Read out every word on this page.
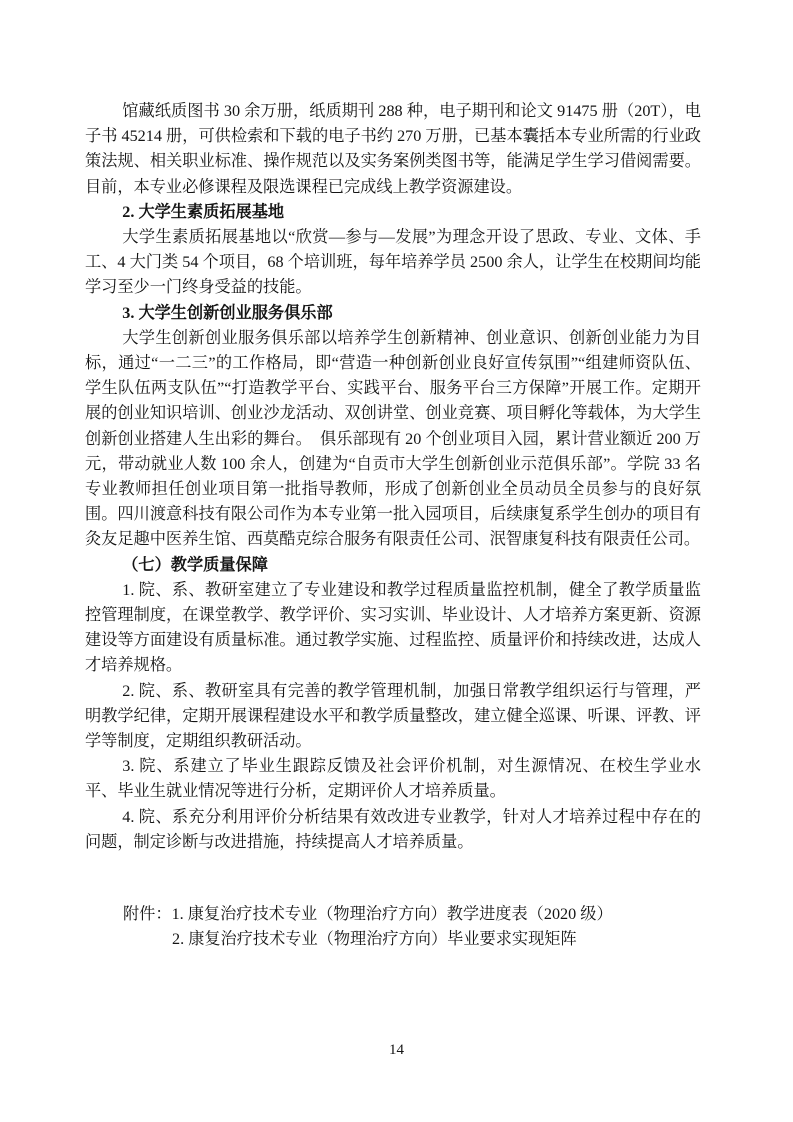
馆藏纸质图书 30 余万册，纸质期刊 288 种，电子期刊和论文 91475 册（20T），电子书 45214 册，可供检索和下载的电子书约 270 万册，已基本囊括本专业所需的行业政策法规、相关职业标准、操作规范以及实务案例类图书等，能满足学生学习借阅需要。目前，本专业必修课程及限选课程已完成线上教学资源建设。

2. 大学生素质拓展基地

大学生素质拓展基地以“欣赏—参与—发展”为理念开设了思政、专业、文体、手工、4 大门类 54 个项目，68 个培训班，每年培养学员 2500 余人，让学生在校期间均能学习至少一门终身受益的技能。

3. 大学生创新创业服务俱乐部

大学生创新创业服务俱乐部以培养学生创新精神、创业意识、创新创业能力为目标，通过“一二三”的工作格局，即“营造一种创新创业良好宣传氛围”“组建师资队伍、学生队伍两支队伍”“打造教学平台、实践平台、服务平台三方保障”开展工作。定期开展的创业知识培训、创业沙龙活动、双创讲堂、创业竞赛、项目孵化等载体，为大学生创新创业搭建人生出彩的舞台。　俱乐部现有 20 个创业项目入园，累计营业额近 200 万元，带动就业人数 100 余人，创建为“自贡市大学生创新创业示范俱乐部”。学院 33 名专业教师担任创业项目第一批指导教师，形成了创新创业全员动员全员参与的良好氛围。四川渡意科技有限公司作为本专业第一批入园项目，后续康复系学生创办的项目有灸友足趣中医养生馆、西莫酷克综合服务有限责任公司、泯智康复科技有限责任公司。

（七）教学质量保障

1. 院、系、教研室建立了专业建设和教学过程质量监控机制，健全了教学质量监控管理制度，在课堂教学、教学评价、实习实训、毕业设计、人才培养方案更新、资源建设等方面建设有质量标准。通过教学实施、过程监控、质量评价和持续改进，达成人才培养规格。

2. 院、系、教研室具有完善的教学管理机制，加强日常教学组织运行与管理，严明教学纪律，定期开展课程建设水平和教学质量整改，建立健全巡课、听课、评教、评学等制度，定期组织教研活动。

3. 院、系建立了毕业生跟踪反馈及社会评价机制，对生源情况、在校生学业水平、毕业生就业情况等进行分析，定期评价人才培养质量。

4. 院、系充分利用评价分析结果有效改进专业教学，针对人才培养过程中存在的问题，制定诊断与改进措施，持续提高人才培养质量。

附件：1. 康复治疗技术专业（物理治疗方向）教学进度表（2020 级）
2. 康复治疗技术专业（物理治疗方向）毕业要求实现矩阵
14
